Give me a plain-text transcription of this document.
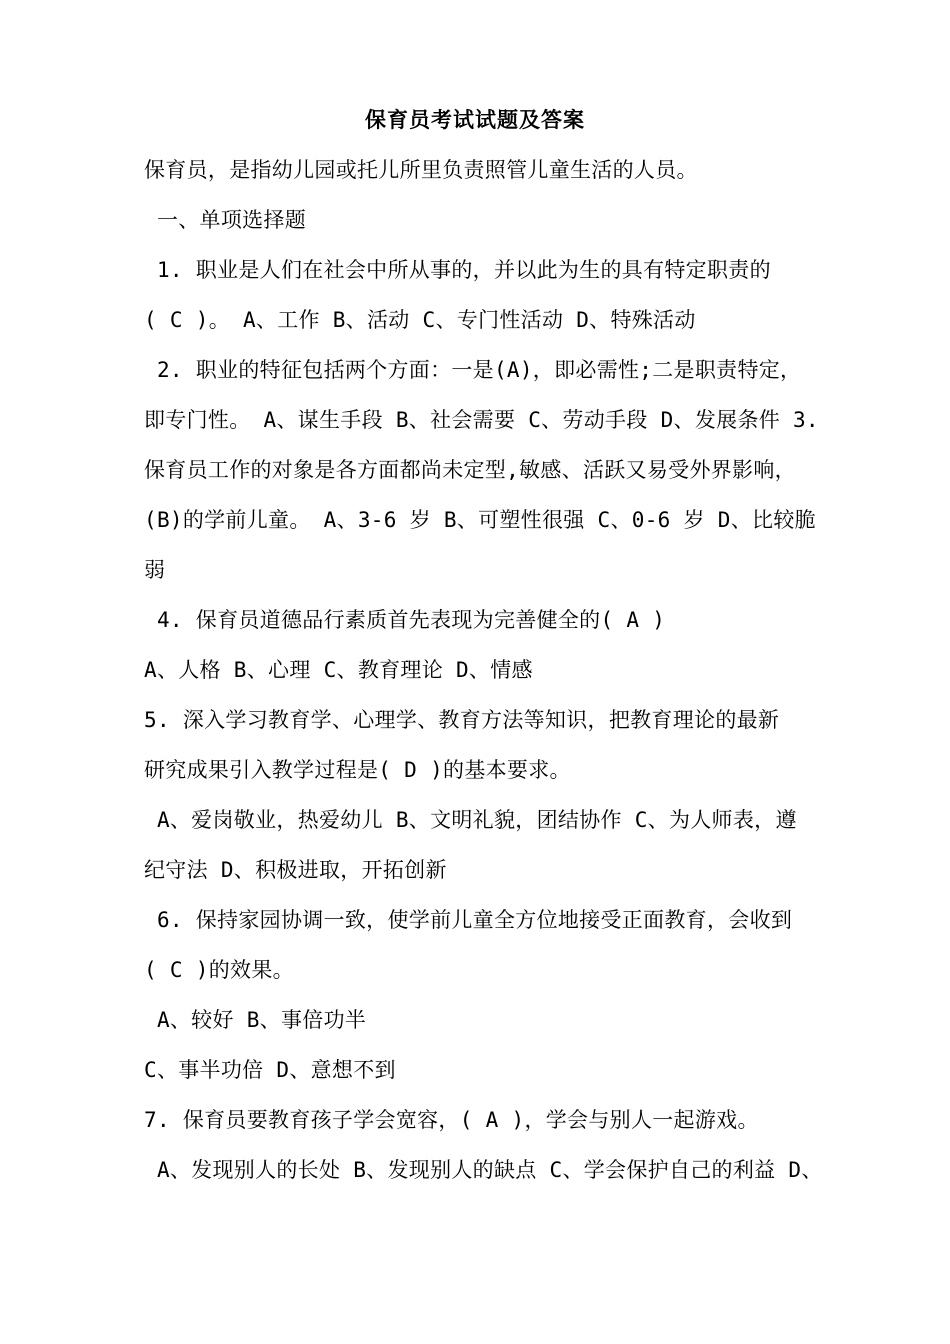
保育员考试试题及答案
保育员，是指幼儿园或托儿所里负责照管儿童生活的人员。
一、单项选择题
1. 职业是人们在社会中所从事的，并以此为生的具有特定职责的
( C )。 A、工作 B、活动 C、专门性活动 D、特殊活动
2. 职业的特征包括两个方面：一是(A)，即必需性;二是职责特定，
即专门性。 A、谋生手段 B、社会需要 C、劳动手段 D、发展条件 3.
保育员工作的对象是各方面都尚未定型,敏感、活跃又易受外界影响，
(B)的学前儿童。 A、3-6 岁 B、可塑性很强 C、0-6 岁 D、比较脆
弱
4. 保育员道德品行素质首先表现为完善健全的( A )
A、人格 B、心理 C、教育理论 D、情感
5. 深入学习教育学、心理学、教育方法等知识，把教育理论的最新
研究成果引入教学过程是( D )的基本要求。
A、爱岗敬业，热爱幼儿 B、文明礼貌，团结协作 C、为人师表，遵
纪守法 D、积极进取，开拓创新
6. 保持家园协调一致，使学前儿童全方位地接受正面教育，会收到
( C )的效果。
A、较好 B、事倍功半
C、事半功倍 D、意想不到
7. 保育员要教育孩子学会宽容，( A )，学会与别人一起游戏。
A、发现别人的长处 B、发现别人的缺点 C、学会保护自己的利益 D、
